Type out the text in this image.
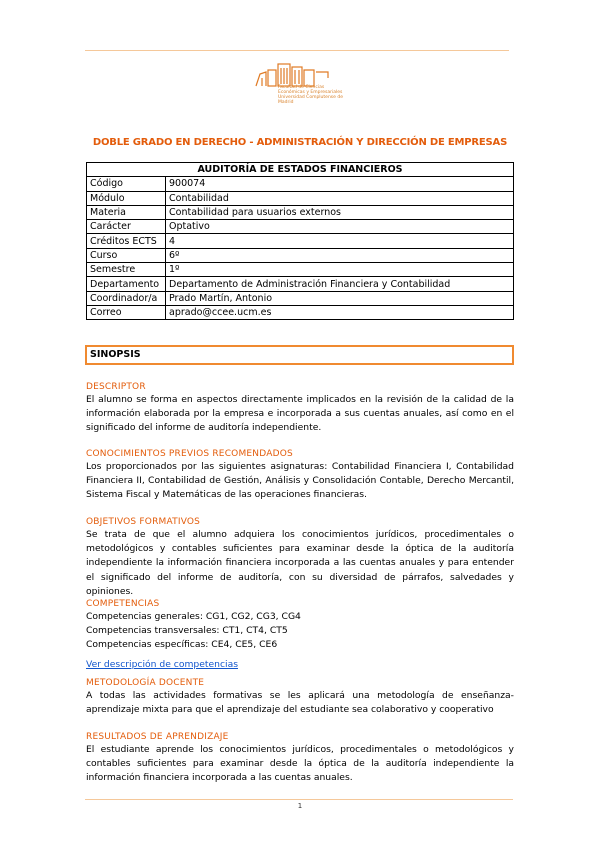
Facultad de Ciencias
Económicas y Empresariales
Universidad Complutense de Madrid
DOBLE GRADO EN DERECHO - ADMINISTRACIÓN Y DIRECCIÓN DE EMPRESAS
AUDITORÍA DE ESTADOS FINANCIEROS	
Código	900074
Módulo	Contabilidad
Materia	Contabilidad para usuarios externos
Carácter	Optativo
Créditos ECTS	4
Curso	6º
Semestre	1º
Departamento	Departamento de Administración Financiera y Contabilidad
Coordinador/a	Prado Martín, Antonio
Correo	aprado@ccee.ucm.es
SINOPSIS
DESCRIPTOR

El alumno se forma en aspectos directamente implicados en la revisión de la calidad de la información elaborada por la empresa e incorporada a sus cuentas anuales, así como en el significado del informe de auditoría independiente.

CONOCIMIENTOS PREVIOS RECOMENDADOS

Los proporcionados por las siguientes asignaturas: Contabilidad Financiera I, Contabilidad Financiera II, Contabilidad de Gestión, Análisis y Consolidación Contable, Derecho Mercantil, Sistema Fiscal y Matemáticas de las operaciones financieras.

OBJETIVOS FORMATIVOS

Se trata de que el alumno adquiera los conocimientos jurídicos, procedimentales o metodológicos y contables suficientes para examinar desde la óptica de la auditoría independiente la información financiera incorporada a las cuentas anuales y para entender el significado del informe de auditoría, con su diversidad de párrafos, salvedades y opiniones.

COMPETENCIAS
Competencias generales: CG1, CG2, CG3, CG4
Competencias transversales: CT1, CT4, CT5
Competencias específicas: CE4, CE5, CE6
Ver descripción de competencias
METODOLOGÍA DOCENTE

A todas las actividades formativas se les aplicará una metodología de enseñanza-aprendizaje mixta para que el aprendizaje del estudiante sea colaborativo y cooperativo

RESULTADOS DE APRENDIZAJE

El estudiante aprende los conocimientos jurídicos, procedimentales o metodológicos y contables suficientes para examinar desde la óptica de la auditoría independiente la información financiera incorporada a las cuentas anuales.

1
